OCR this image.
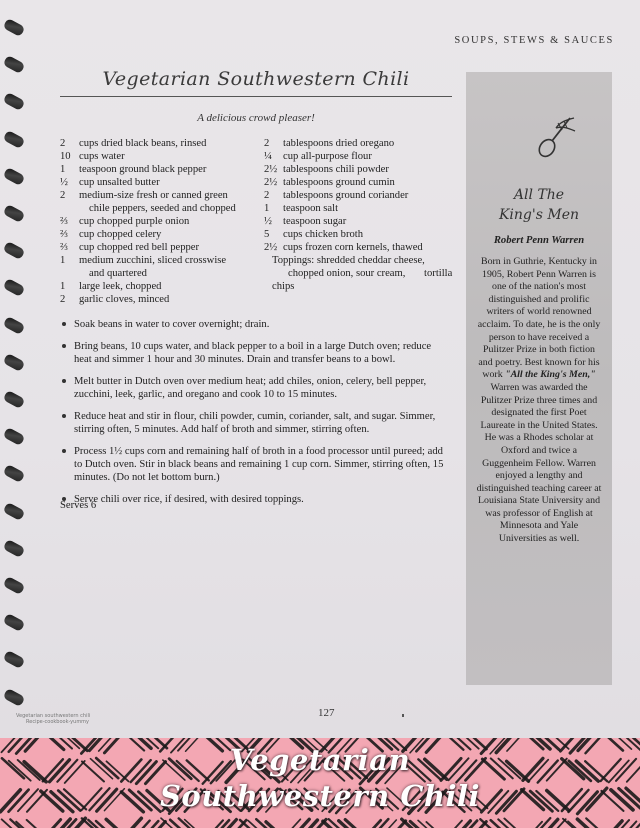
SOUPS, STEWS & SAUCES
Vegetarian Southwestern Chili
A delicious crowd pleaser!
2	cups dried black beans, rinsed
10 cups water
1	teaspoon ground black pepper
½	cup unsalted butter
2	medium-size fresh or canned green
chile peppers, seeded and chopped
⅔	cup chopped purple onion
⅔	cup chopped celery
⅔	cup chopped red bell pepper
1	medium zucchini, sliced crosswise
and quartered
1	large leek, chopped
2	garlic cloves, minced
2	tablespoons dried oregano
¼	cup all-purpose flour
2½ tablespoons chili powder
2½ tablespoons ground cumin
2	tablespoons ground coriander
1	teaspoon salt
½	teaspoon sugar
5	cups chicken broth
2½ cups frozen corn kernels, thawed
Toppings: shredded cheddar cheese,
chopped onion, sour cream, tortilla chips
Soak beans in water to cover overnight; drain.
Bring beans, 10 cups water, and black pepper to a boil in a large Dutch oven; reduce heat and simmer 1 hour and 30 minutes. Drain and transfer beans to a bowl.
Melt butter in Dutch oven over medium heat; add chiles, onion, celery, bell pepper, zucchini, leek, garlic, and oregano and cook 10 to 15 minutes.
Reduce heat and stir in flour, chili powder, cumin, coriander, salt, and sugar. Simmer, stirring often, 5 minutes. Add half of broth and simmer, stirring often.
Process 1½ cups corn and remaining half of broth in a food processor until pureed; add to Dutch oven. Stir in black beans and remaining 1 cup corn. Simmer, stirring often, 15 minutes. (Do not let bottom burn.)
Serve chili over rice, if desired, with desired toppings.
Serves 6
127
All The
King's Men
Robert Penn Warren
Born in Guthrie, Kentucky in 1905, Robert Penn Warren is one of the nation's most distinguished and prolific writers of world renowned acclaim. To date, he is the only person to have received a Pulitzer Prize in both fiction and poetry. Best known for his work "All the King's Men," Warren was awarded the Pulitzer Prize three times and designated the first Poet Laureate in the United States. He was a Rhodes scholar at Oxford and twice a Guggenheim Fellow. Warren enjoyed a lengthy and distinguished teaching career at Louisiana State University and was professor of English at Minnesota and Yale Universities as well.
Vegetarian southwestern chili
Recipe-cookbook-yummy
Vegetarian
Southwestern Chili
